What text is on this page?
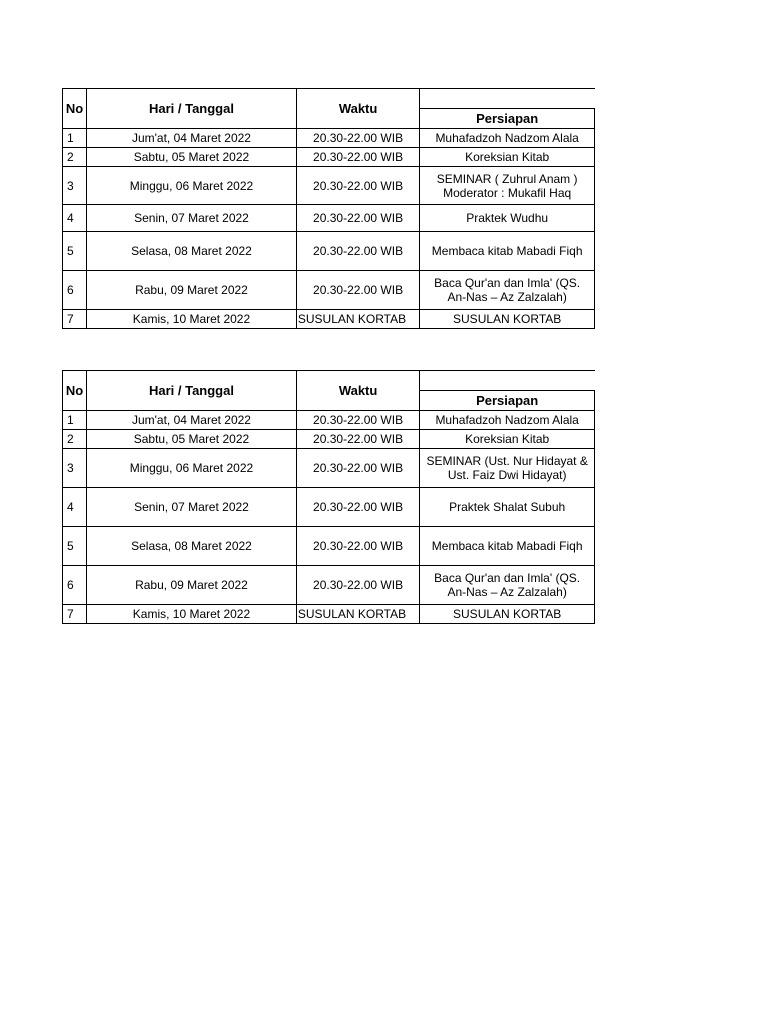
No	Hari / Tanggal	Waktu	
			Persiapan
1	Jum'at, 04 Maret 2022	20.30-22.00 WIB	Muhafadzoh Nadzom Alala
2	Sabtu, 05 Maret 2022	20.30-22.00 WIB	Koreksian Kitab
3	Minggu, 06 Maret 2022	20.30-22.00 WIB	SEMINAR ( Zuhrul Anam )
Moderator : Mukafil Haq

4	Senin, 07 Maret 2022	20.30-22.00 WIB	Praktek Wudhu
5	Selasa, 08 Maret 2022	20.30-22.00 WIB	Membaca kitab Mabadi Fiqh
6	Rabu, 09 Maret 2022	20.30-22.00 WIB	Baca Qur'an dan Imla' (QS.
An-Nas – Az Zalzalah)

7	Kamis, 10 Maret 2022	SUSULAN KORTAB	SUSULAN KORTAB
No	Hari / Tanggal	Waktu	
			Persiapan
1	Jum'at, 04 Maret 2022	20.30-22.00 WIB	Muhafadzoh Nadzom Alala
2	Sabtu, 05 Maret 2022	20.30-22.00 WIB	Koreksian Kitab
3	Minggu, 06 Maret 2022	20.30-22.00 WIB	SEMINAR (Ust. Nur Hidayat &
Ust. Faiz Dwi Hidayat)

4	Senin, 07 Maret 2022	20.30-22.00 WIB	Praktek Shalat Subuh
5	Selasa, 08 Maret 2022	20.30-22.00 WIB	Membaca kitab Mabadi Fiqh
6	Rabu, 09 Maret 2022	20.30-22.00 WIB	Baca Qur'an dan Imla' (QS.
An-Nas – Az Zalzalah)

7	Kamis, 10 Maret 2022	SUSULAN KORTAB	SUSULAN KORTAB
